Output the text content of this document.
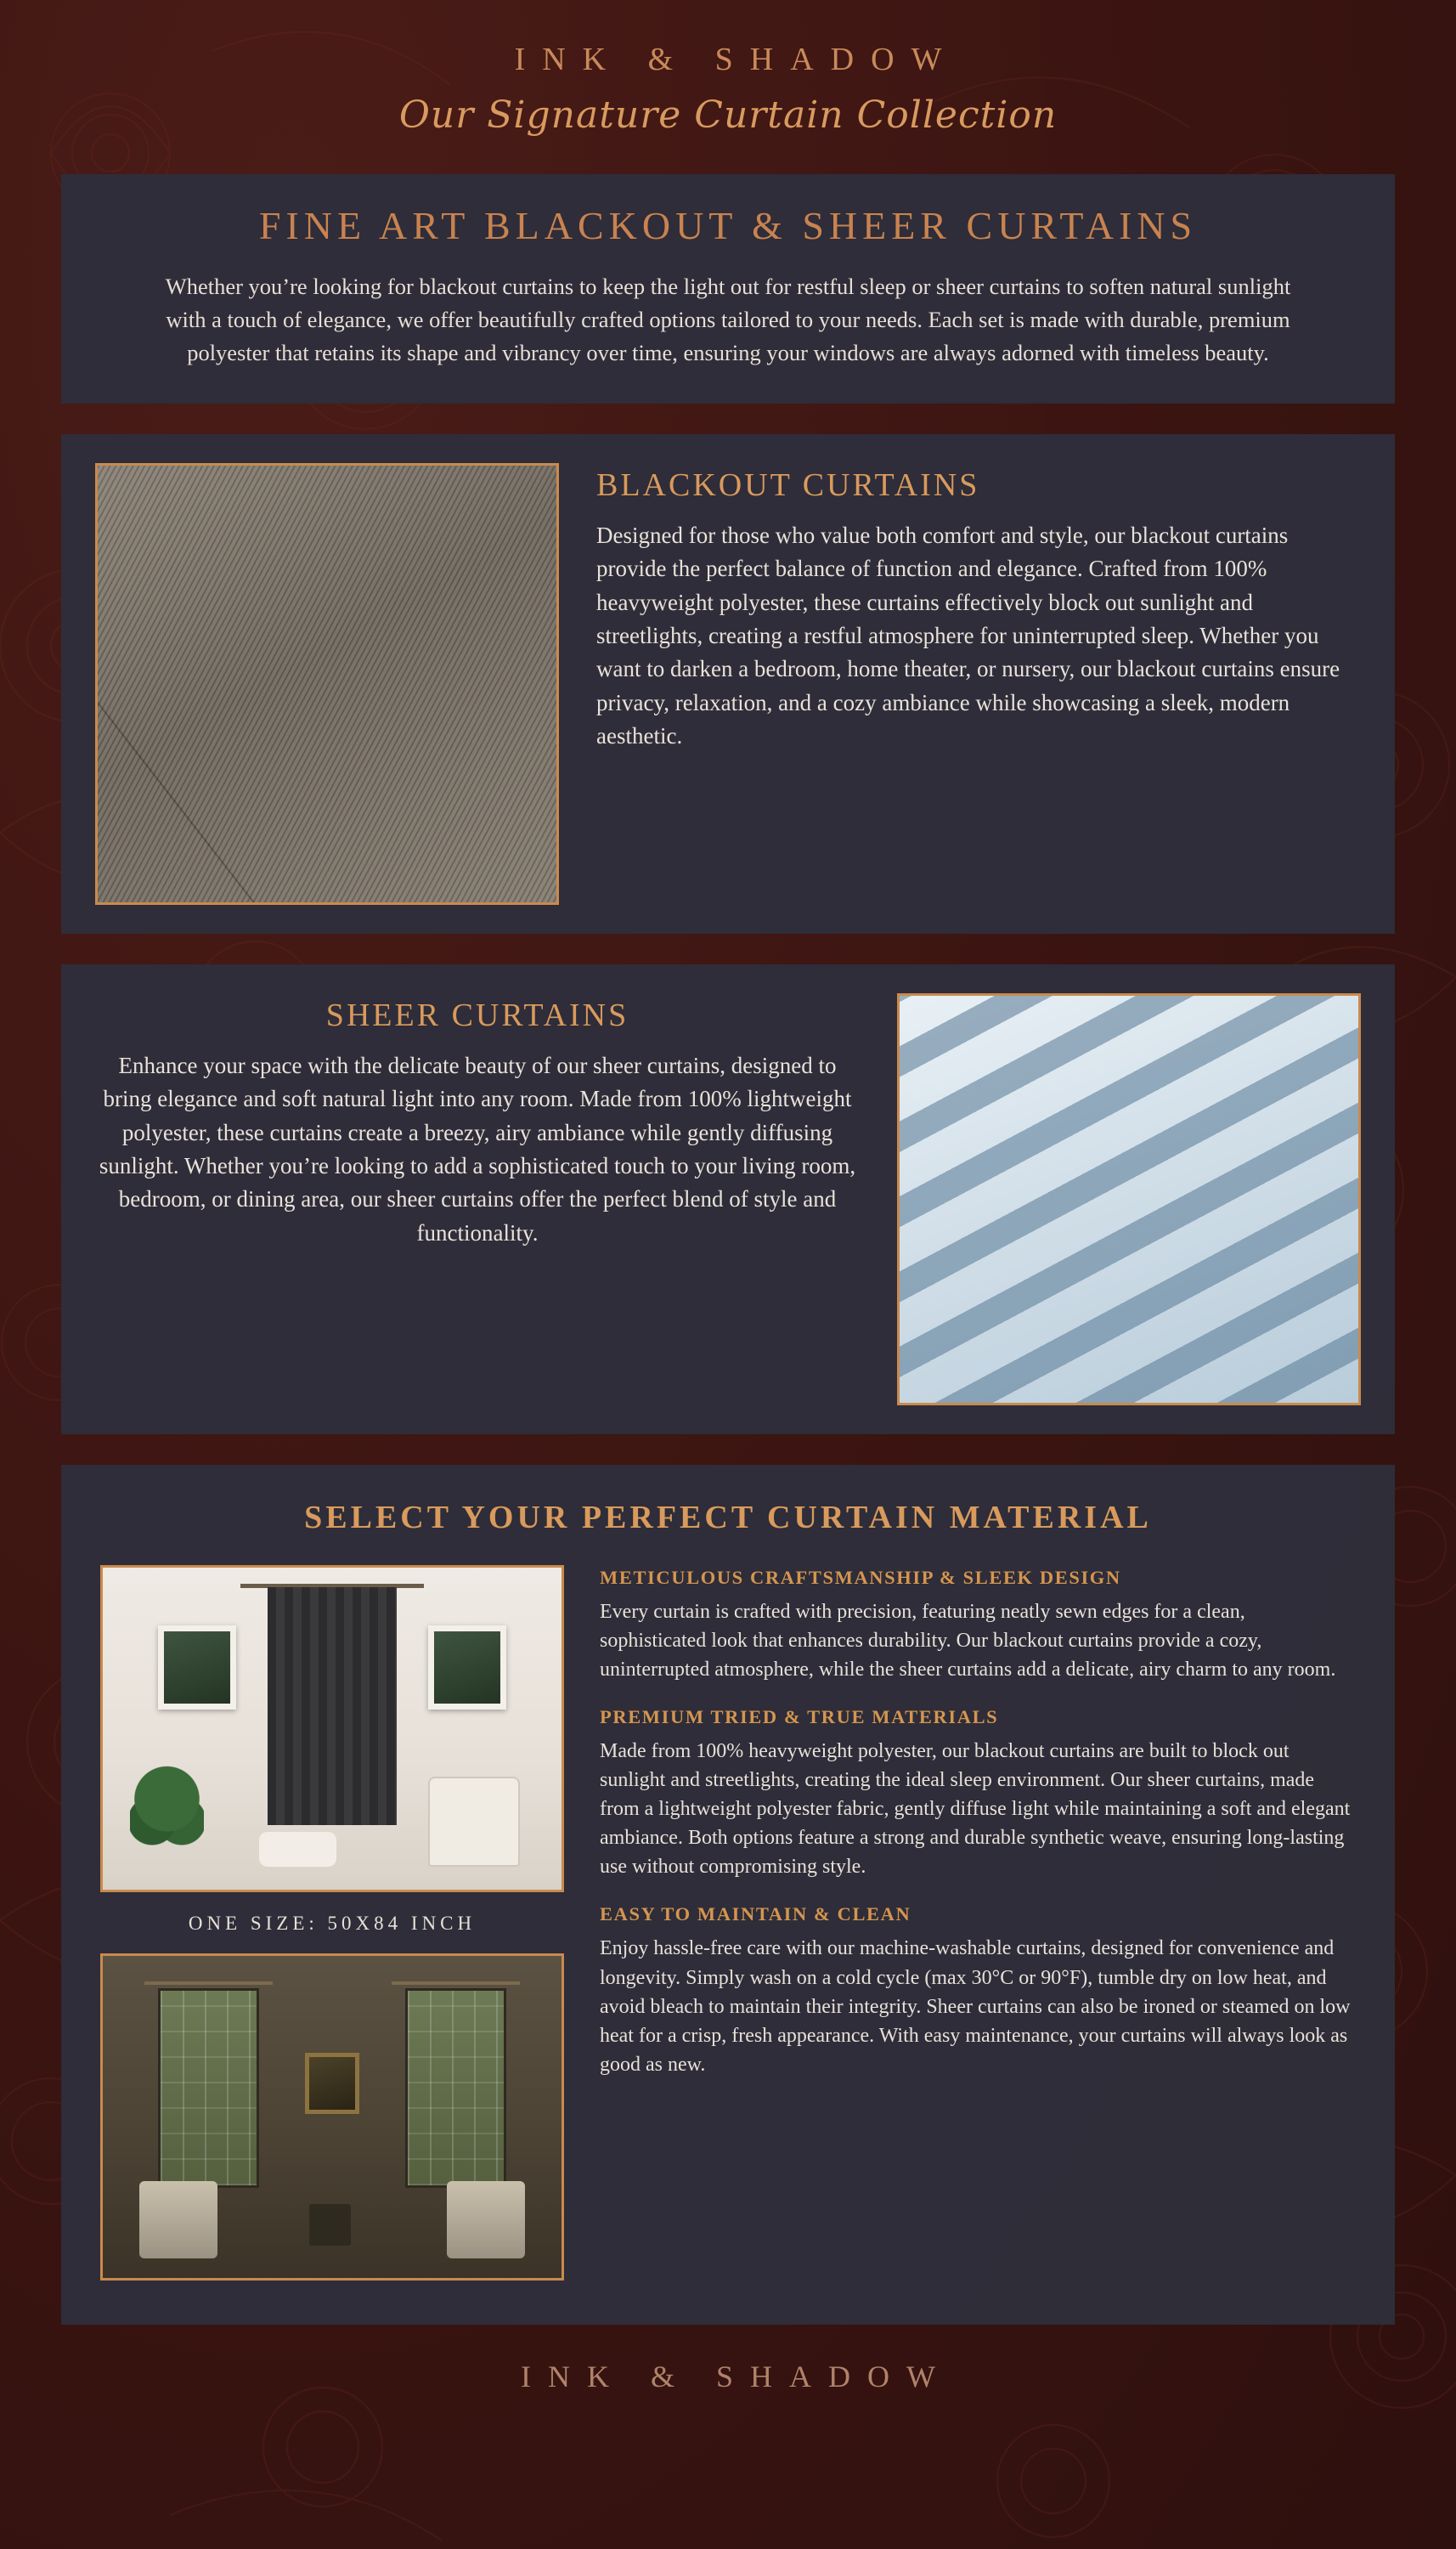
INK & SHADOW
Our Signature Curtain Collection
FINE ART BLACKOUT & SHEER CURTAINS
Whether you’re looking for blackout curtains to keep the light out for restful sleep or sheer curtains to soften natural sunlight with a touch of elegance, we offer beautifully crafted options tailored to your needs. Each set is made with durable, premium polyester that retains its shape and vibrancy over time, ensuring your windows are always adorned with timeless beauty.
BLACKOUT CURTAINS
Designed for those who value both comfort and style, our blackout curtains provide the perfect balance of function and elegance. Crafted from 100% heavyweight polyester, these curtains effectively block out sunlight and streetlights, creating a restful atmosphere for uninterrupted sleep. Whether you want to darken a bedroom, home theater, or nursery, our blackout curtains ensure privacy, relaxation, and a cozy ambiance while showcasing a sleek, modern aesthetic.
SHEER CURTAINS
Enhance your space with the delicate beauty of our sheer curtains, designed to bring elegance and soft natural light into any room. Made from 100% lightweight polyester, these curtains create a breezy, airy ambiance while gently diffusing sunlight. Whether you’re looking to add a sophisticated touch to your living room, bedroom, or dining area, our sheer curtains offer the perfect blend of style and functionality.
SELECT YOUR PERFECT CURTAIN MATERIAL
ONE SIZE: 50X84 INCH
METICULOUS CRAFTSMANSHIP & SLEEK DESIGN
Every curtain is crafted with precision, featuring neatly sewn edges for a clean, sophisticated look that enhances durability. Our blackout curtains provide a cozy, uninterrupted atmosphere, while the sheer curtains add a delicate, airy charm to any room.
PREMIUM TRIED & TRUE MATERIALS
Made from 100% heavyweight polyester, our blackout curtains are built to block out sunlight and streetlights, creating the ideal sleep environment. Our sheer curtains, made from a lightweight polyester fabric, gently diffuse light while maintaining a soft and elegant ambiance. Both options feature a strong and durable synthetic weave, ensuring long-lasting use without compromising style.
EASY TO MAINTAIN & CLEAN
Enjoy hassle-free care with our machine-washable curtains, designed for convenience and longevity. Simply wash on a cold cycle (max 30°C or 90°F), tumble dry on low heat, and avoid bleach to maintain their integrity. Sheer curtains can also be ironed or steamed on low heat for a crisp, fresh appearance. With easy maintenance, your curtains will always look as good as new.
INK & SHADOW
